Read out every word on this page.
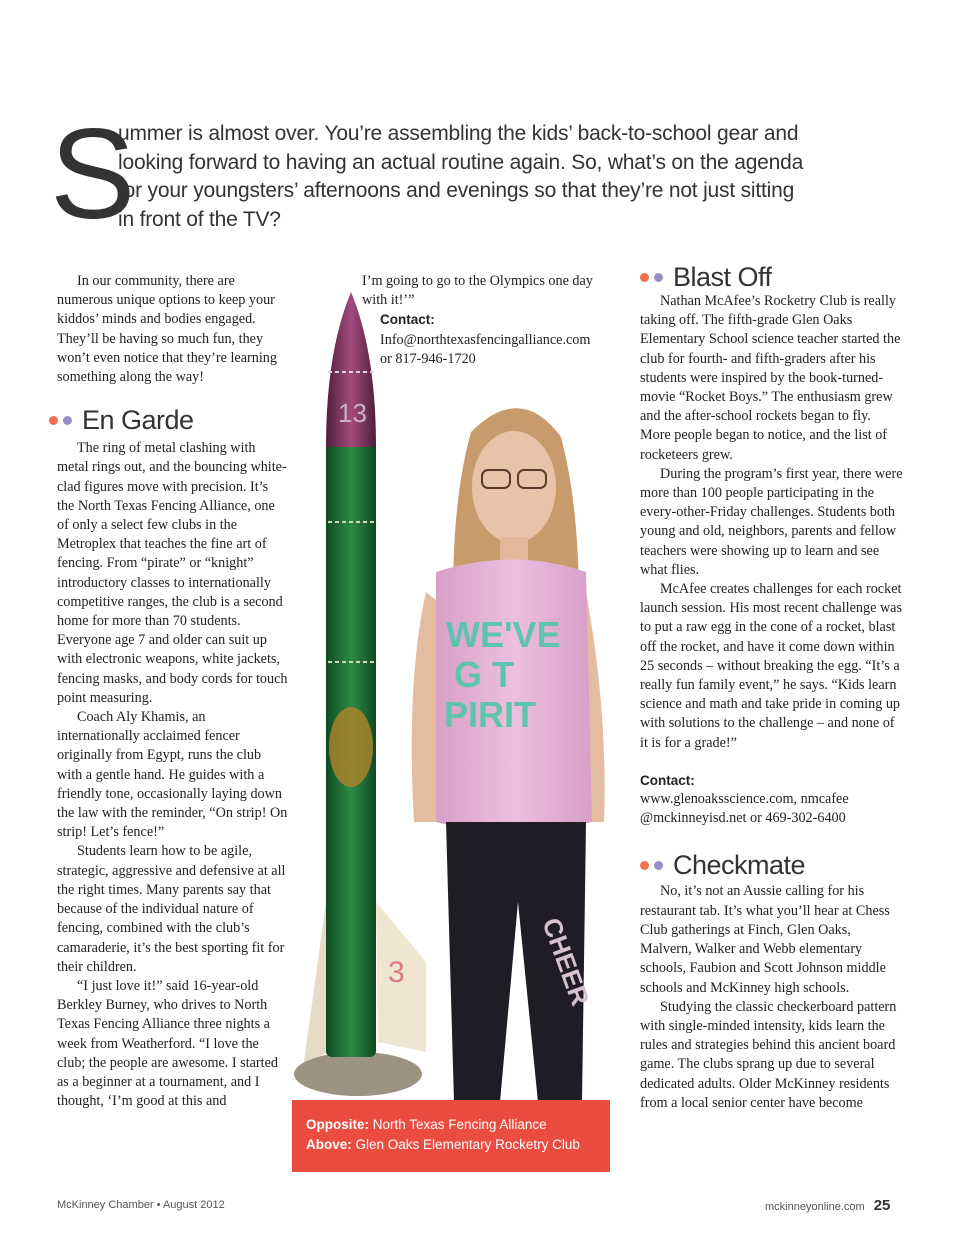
S

ummer is almost over. You’re assembling the kids’ back-to-school gear and

looking forward to having an actual routine again. So, what’s on the agenda

for your youngsters’ afternoons and evenings so that they’re not just sitting

in front of the TV?

In our community, there are numerous unique options to keep your kiddos’ minds and bodies engaged. They’ll be having so much fun, they won’t even notice that they’re learning something along the way!

En Garde

The ring of metal clashing with metal rings out, and the bouncing white-clad figures move with precision. It’s the North Texas Fencing Alliance, one of only a select few clubs in the Metroplex that teaches the fine art of fencing. From “pirate” or “knight” introductory classes to internationally competitive ranges, the club is a second home for more than 70 students. Everyone age 7 and older can suit up with electronic weapons, white jackets, fencing masks, and body cords for touch point measuring.

Coach Aly Khamis, an internationally acclaimed fencer originally from Egypt, runs the club with a gentle hand. He guides with a friendly tone, occasionally laying down the law with the reminder, “On strip! On strip! Let’s fence!”

Students learn how to be agile, strategic, aggressive and defensive at all the right times. Many parents say that because of the individual nature of fencing, combined with the club’s camaraderie, it’s the best sporting fit for their children.

“I just love it!” said 16-year-old Berkley Burney, who drives to North Texas Fencing Alliance three nights a week from Weatherford. “I love the club; the people are awesome. I started as a beginner at a tournament, and I thought, ‘I’m good at this and

I’m going to go to the Olympics one day with it!’”

Contact: Info@northtexasfencingalliance.com or 817-946-1720

13
3
WE'VE
G T
PIRIT
CHEER
Opposite: North Texas Fencing Alliance
Above: Glen Oaks Elementary Rocketry Club
Blast Off

Nathan McAfee’s Rocketry Club is really taking off. The fifth-grade Glen Oaks Elementary School science teacher started the club for fourth- and fifth-graders after his students were inspired by the book-turned-movie “Rocket Boys.” The enthusiasm grew and the after-school rockets began to fly. More people began to notice, and the list of rocketeers grew.

During the program’s first year, there were more than 100 people participating in the every-other-Friday challenges. Students both young and old, neighbors, parents and fellow teachers were showing up to learn and see what flies.

McAfee creates challenges for each rocket launch session. His most recent challenge was to put a raw egg in the cone of a rocket, blast off the rocket, and have it come down within 25 seconds – without breaking the egg. “It’s a really fun family event,” he says. “Kids learn science and math and take pride in coming up with solutions to the challenge – and none of it is for a grade!”

Contact:

www.glenoaksscience.com, nmcafee @mckinneyisd.net or 469-302-6400

Checkmate

No, it’s not an Aussie calling for his restaurant tab. It’s what you’ll hear at Chess Club gatherings at Finch, Glen Oaks, Malvern, Walker and Webb elementary schools, Faubion and Scott Johnson middle schools and McKinney high schools.

Studying the classic checkerboard pattern with single-minded intensity, kids learn the rules and strategies behind this ancient board game. The clubs sprang up due to several dedicated adults. Older McKinney residents from a local senior center have become

McKinney Chamber • August 2012	mckinneyonline.com 25
